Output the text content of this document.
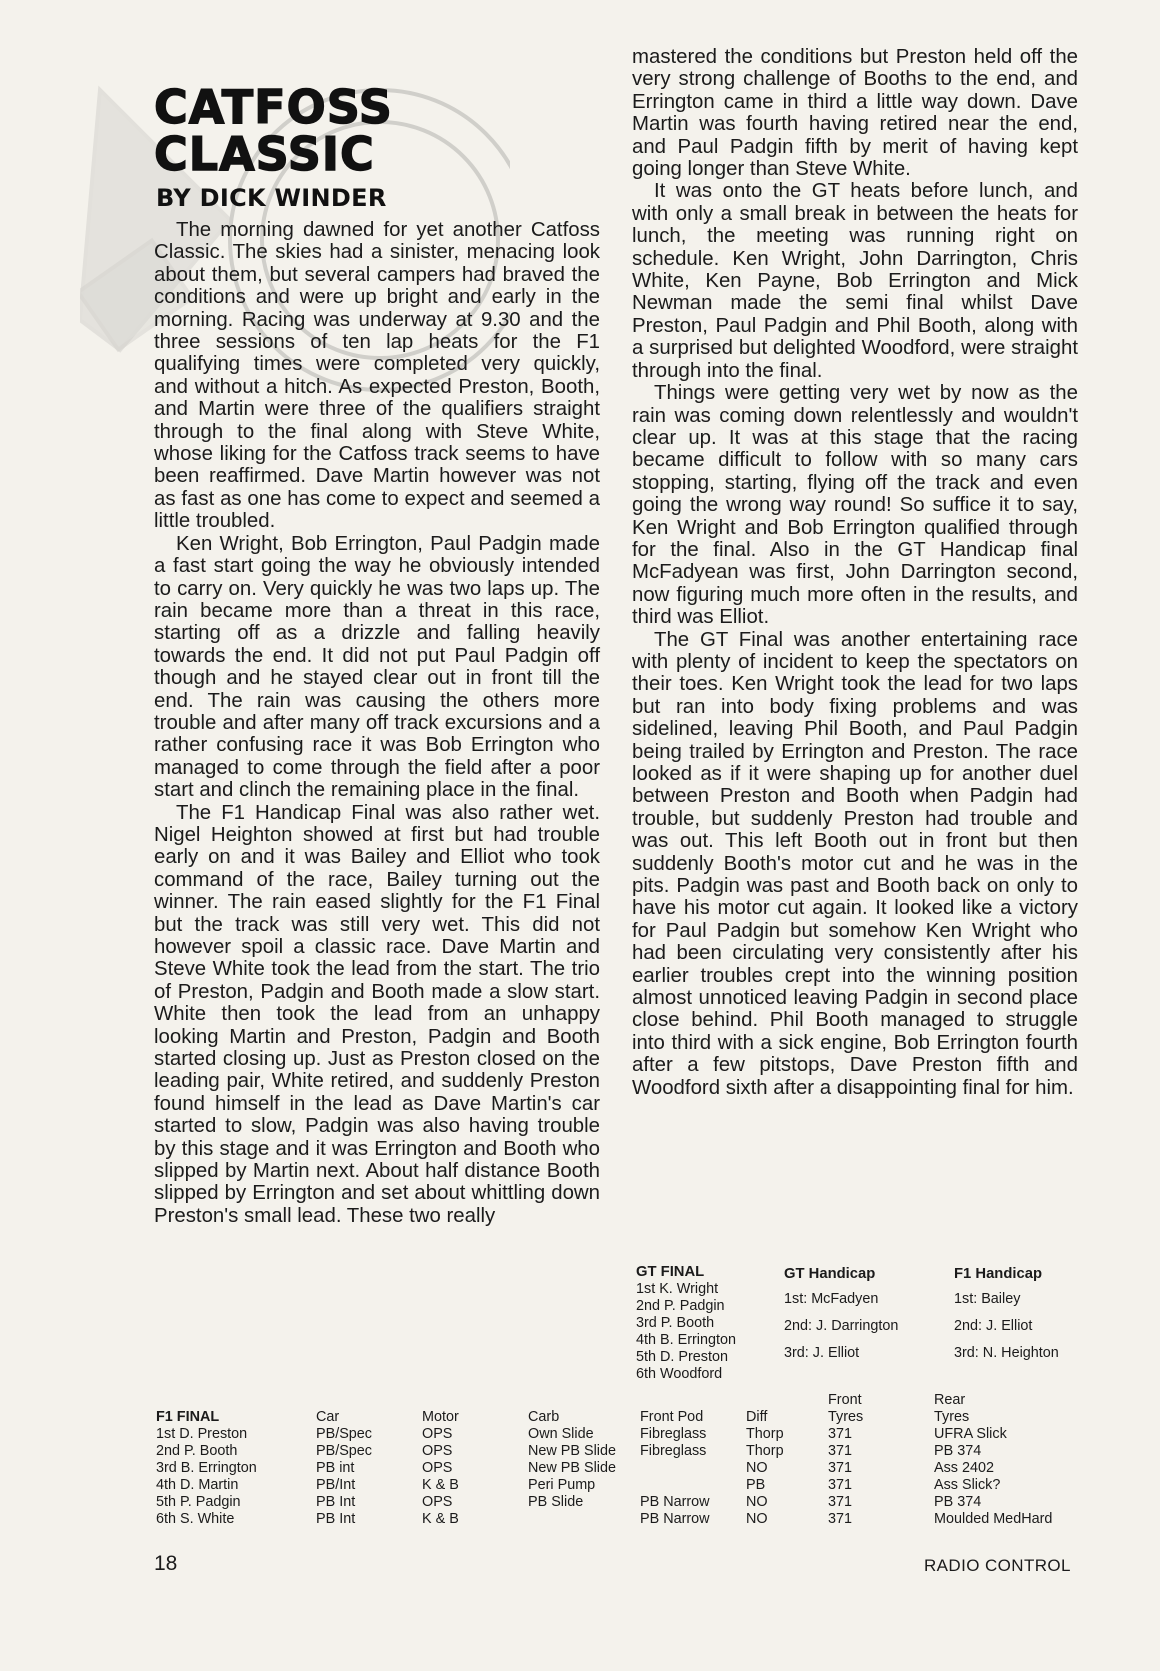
CATFOSS
CLASSIC
BY DICK WINDER

The morning dawned for yet another Catfoss Classic. The skies had a sinister, menacing look about them, but several campers had braved the conditions and were up bright and early in the morning. Racing was underway at 9.30 and the three sessions of ten lap heats for the F1 qualifying times were completed very quickly, and without a hitch. As expected Preston, Booth, and Martin were three of the qualifiers straight through to the final along with Steve White, whose liking for the Catfoss track seems to have been reaffirmed. Dave Martin however was not as fast as one has come to expect and seemed a little troubled.

Ken Wright, Bob Errington, Paul Padgin made a fast start going the way he obviously intended to carry on. Very quickly he was two laps up. The rain became more than a threat in this race, starting off as a drizzle and falling heavily towards the end. It did not put Paul Padgin off though and he stayed clear out in front till the end. The rain was causing the others more trouble and after many off track excursions and a rather confusing race it was Bob Errington who managed to come through the field after a poor start and clinch the remaining place in the final.

The F1 Handicap Final was also rather wet. Nigel Heighton showed at first but had trouble early on and it was Bailey and Elliot who took command of the race, Bailey turning out the winner. The rain eased slightly for the F1 Final but the track was still very wet. This did not however spoil a classic race. Dave Martin and Steve White took the lead from the start. The trio of Preston, Padgin and Booth made a slow start. White then took the lead from an unhappy looking Martin and Preston, Padgin and Booth started closing up. Just as Preston closed on the leading pair, White retired, and suddenly Preston found himself in the lead as Dave Martin's car started to slow, Padgin was also having trouble by this stage and it was Errington and Booth who slipped by Martin next. About half distance Booth slipped by Errington and set about whittling down Preston's small lead. These two really

mastered the conditions but Preston held off the very strong challenge of Booths to the end, and Errington came in third a little way down. Dave Martin was fourth having retired near the end, and Paul Padgin fifth by merit of having kept going longer than Steve White.

It was onto the GT heats before lunch, and with only a small break in between the heats for lunch, the meeting was running right on schedule. Ken Wright, John Darrington, Chris White, Ken Payne, Bob Errington and Mick Newman made the semi final whilst Dave Preston, Paul Padgin and Phil Booth, along with a surprised but delighted Woodford, were straight through into the final.

Things were getting very wet by now as the rain was coming down relentlessly and wouldn't clear up. It was at this stage that the racing became difficult to follow with so many cars stopping, starting, flying off the track and even going the wrong way round! So suffice it to say, Ken Wright and Bob Errington qualified through for the final. Also in the GT Handicap final McFadyean was first, John Darrington second, now figuring much more often in the results, and third was Elliot.

The GT Final was another entertaining race with plenty of incident to keep the spectators on their toes. Ken Wright took the lead for two laps but ran into body fixing problems and was sidelined, leaving Phil Booth, and Paul Padgin being trailed by Errington and Preston. The race looked as if it were shaping up for another duel between Preston and Booth when Padgin had trouble, but suddenly Preston had trouble and was out. This left Booth out in front but then suddenly Booth's motor cut and he was in the pits. Padgin was past and Booth back on only to have his motor cut again. It looked like a victory for Paul Padgin but somehow Ken Wright who had been circulating very consistently after his earlier troubles crept into the winning position almost unnoticed leaving Padgin in second place close behind. Phil Booth managed to struggle into third with a sick engine, Bob Errington fourth after a few pitstops, Dave Preston fifth and Woodford sixth after a disappointing final for him.

GT FINAL
1st K. Wright
2nd P. Padgin
3rd P. Booth
4th B. Errington
5th D. Preston
6th Woodford
GT Handicap
1st: McFadyen
2nd: J. Darrington
3rd: J. Elliot
F1 Handicap
1st: Bailey
2nd: J. Elliot
3rd: N. Heighton
F1 FINAL
1st D. Preston
2nd P. Booth
3rd B. Errington
4th D. Martin
5th P. Padgin
6th S. White
Car
PB/Spec
PB/Spec
PB int
PB/Int
PB Int
PB Int
Motor
OPS
OPS
OPS
K & B
OPS
K & B
Carb
Own Slide
New PB Slide
New PB Slide
Peri Pump
PB Slide
Front Pod
Fibreglass
Fibreglass
PB Narrow
PB Narrow
Diff
Thorp
Thorp
NO
PB
NO
NO
Front
Tyres
371
371
371
371
371
371
Rear
Tyres
UFRA Slick
PB 374
Ass 2402
Ass Slick?
PB 374
Moulded MedHard
18	RADIO CONTROL
